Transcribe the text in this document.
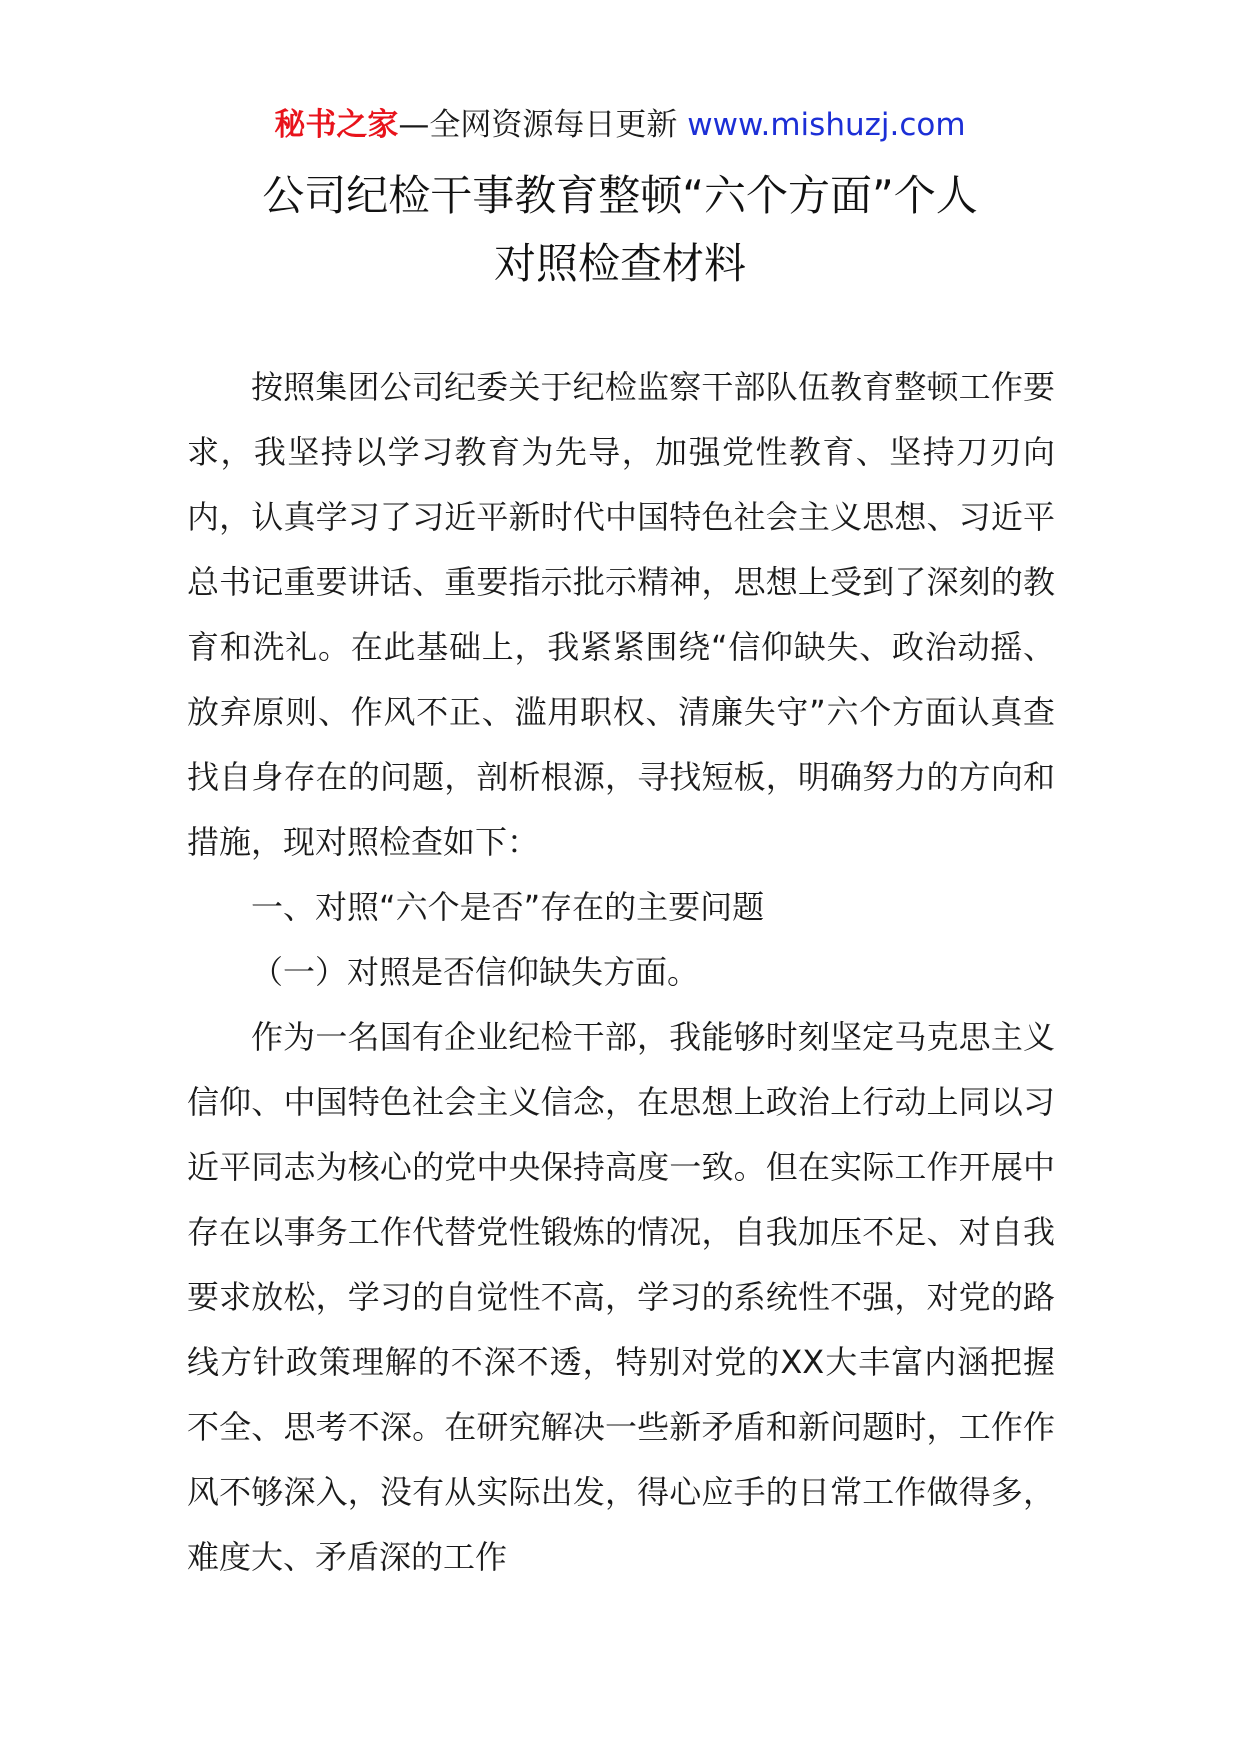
秘书之家—全网资源每日更新 www.mishuzj.com
公司纪检干事教育整顿“六个方面”个人
对照检查材料

按照集团公司纪委关于纪检监察干部队伍教育整顿工作要求，我坚持以学习教育为先导，加强党性教育、坚持刀刃向内，认真学习了习近平新时代中国特色社会主义思想、习近平总书记重要讲话、重要指示批示精神，思想上受到了深刻的教育和洗礼。在此基础上，我紧紧围绕“信仰缺失、政治动摇、放弃原则、作风不正、滥用职权、清廉失守”六个方面认真查找自身存在的问题，剖析根源，寻找短板，明确努力的方向和措施，现对照检查如下：

一、对照“六个是否”存在的主要问题

（一）对照是否信仰缺失方面。

作为一名国有企业纪检干部，我能够时刻坚定马克思主义信仰、中国特色社会主义信念，在思想上政治上行动上同以习近平同志为核心的党中央保持高度一致。但在实际工作开展中存在以事务工作代替党性锻炼的情况，自我加压不足、对自我要求放松，学习的自觉性不高，学习的系统性不强，对党的路线方针政策理解的不深不透，特别对党的XX大丰富内涵把握不全、思考不深。在研究解决一些新矛盾和新问题时，工作作风不够深入，没有从实际出发，得心应手的日常工作做得多，难度大、矛盾深的工作
